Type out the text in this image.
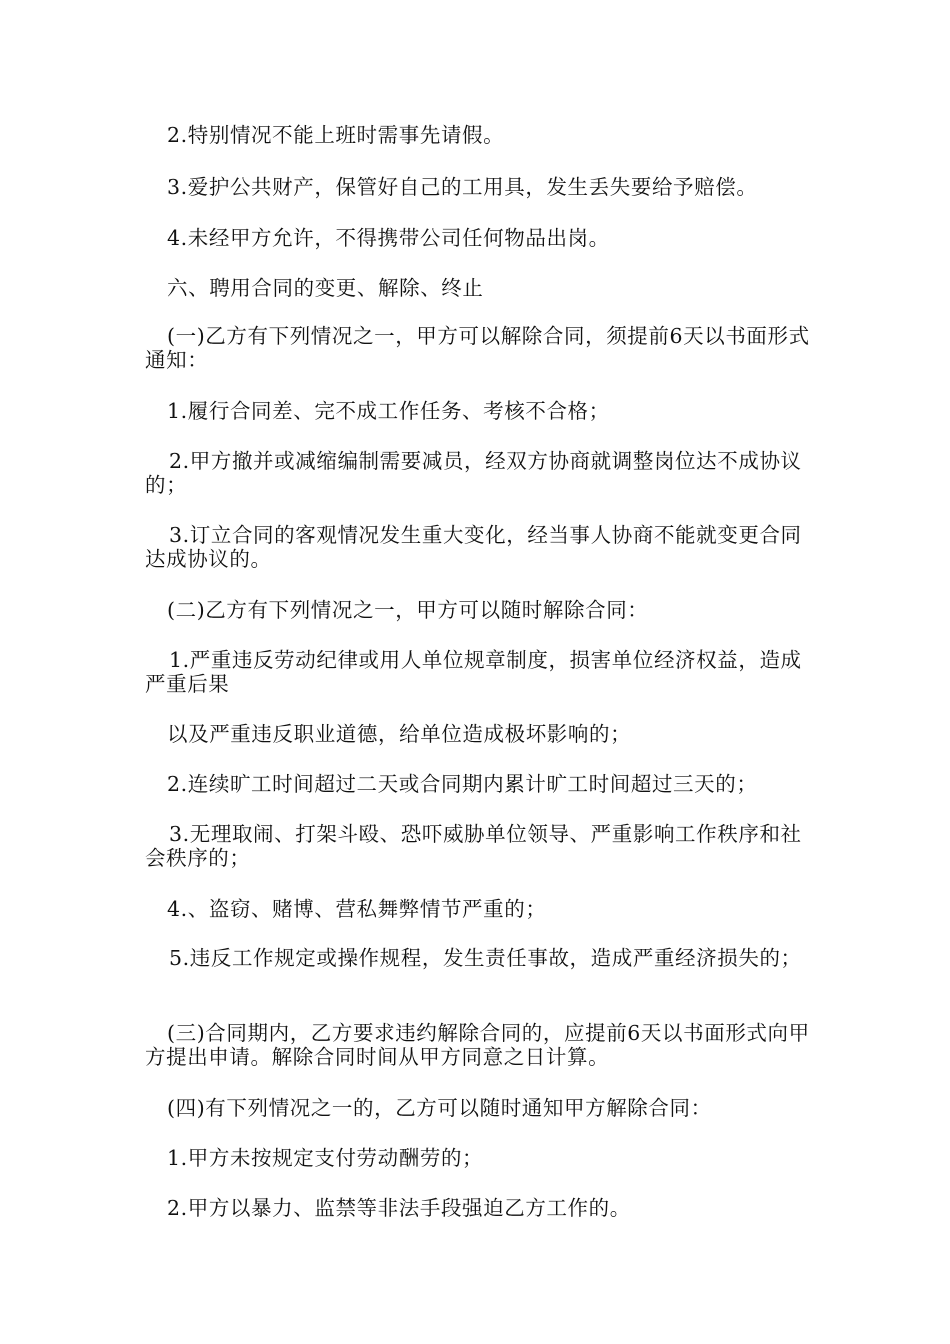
2.特别情况不能上班时需事先请假。

3.爱护公共财产，保管好自己的工用具，发生丢失要给予赔偿。

4.未经甲方允许，不得携带公司任何物品出岗。

六、聘用合同的变更、解除、终止

(一)乙方有下列情况之一，甲方可以解除合同，须提前6天以书面形式通知：

1.履行合同差、完不成工作任务、考核不合格；

2.甲方撤并或减缩编制需要减员，经双方协商就调整岗位达不成协议的；

3.订立合同的客观情况发生重大变化，经当事人协商不能就变更合同达成协议的。

(二)乙方有下列情况之一，甲方可以随时解除合同：

1.严重违反劳动纪律或用人单位规章制度，损害单位经济权益，造成严重后果

以及严重违反职业道德，给单位造成极坏影响的；

2.连续旷工时间超过二天或合同期内累计旷工时间超过三天的；

3.无理取闹、打架斗殴、恐吓威胁单位领导、严重影响工作秩序和社会秩序的；

4.、盗窃、赌博、营私舞弊情节严重的；

5.违反工作规定或操作规程，发生责任事故，造成严重经济损失的；

(三)合同期内，乙方要求违约解除合同的，应提前6天以书面形式向甲方提出申请。解除合同时间从甲方同意之日计算。

(四)有下列情况之一的，乙方可以随时通知甲方解除合同：

1.甲方未按规定支付劳动酬劳的；

2.甲方以暴力、监禁等非法手段强迫乙方工作的。
